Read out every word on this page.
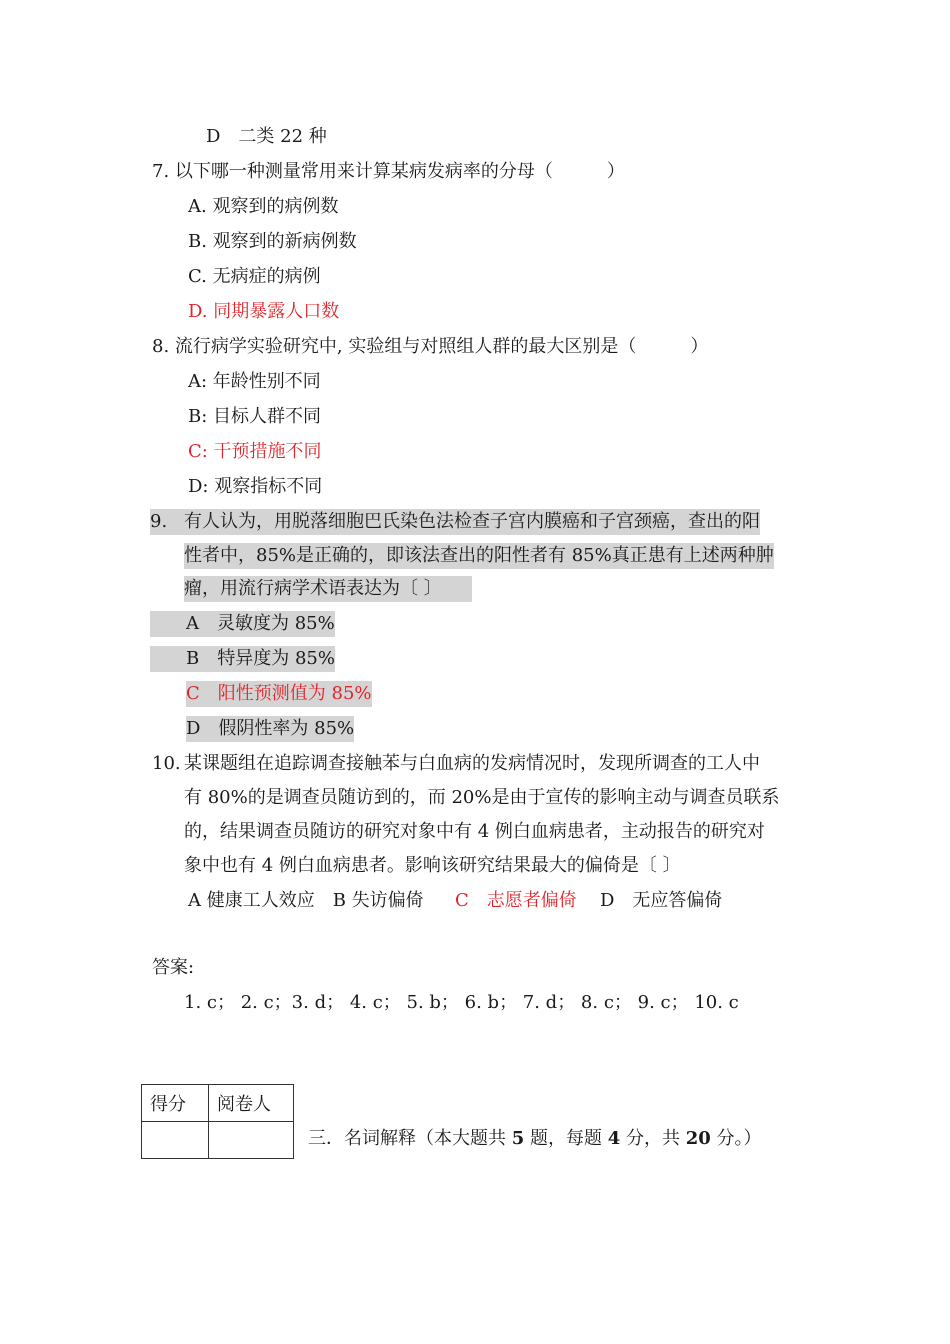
D　二类 22 种
7. 以下哪一种测量常用来计算某病发病率的分母（　　　）
A. 观察到的病例数
B. 观察到的新病例数
C. 无病症的病例
D. 同期暴露人口数
8. 流行病学实验研究中, 实验组与对照组人群的最大区别是（　　　）
A: 年龄性别不同
B: 目标人群不同
C: 干预措施不同
D: 观察指标不同
9. 有人认为，用脱落细胞巴氏染色法检查子宫内膜癌和子宫颈癌，查出的阳
性者中，85%是正确的，即该法查出的阳性者有 85%真正患有上述两种肿
瘤，用流行病学术语表达为〔 〕
A　灵敏度为 85%
B　特异度为 85%
C　阳性预测值为 85%
D　假阴性率为 85%
10. 某课题组在追踪调查接触苯与白血病的发病情况时，发现所调查的工人中
有 80%的是调查员随访到的，而 20%是由于宣传的影响主动与调查员联系
的，结果调查员随访的研究对象中有 4 例白血病患者，主动报告的研究对
象中也有 4 例白血病患者。影响该研究结果最大的偏倚是〔 〕
A 健康工人效应　B 失访偏倚 C　志愿者偏倚 D　无应答偏倚
答案:
1. c； 2. c；3. d； 4. c； 5. b； 6. b； 7. d； 8. c； 9. c； 10. c
得分	阅卷人

三．名词解释（本大题共 5 题，每题 4 分，共 20 分。）
